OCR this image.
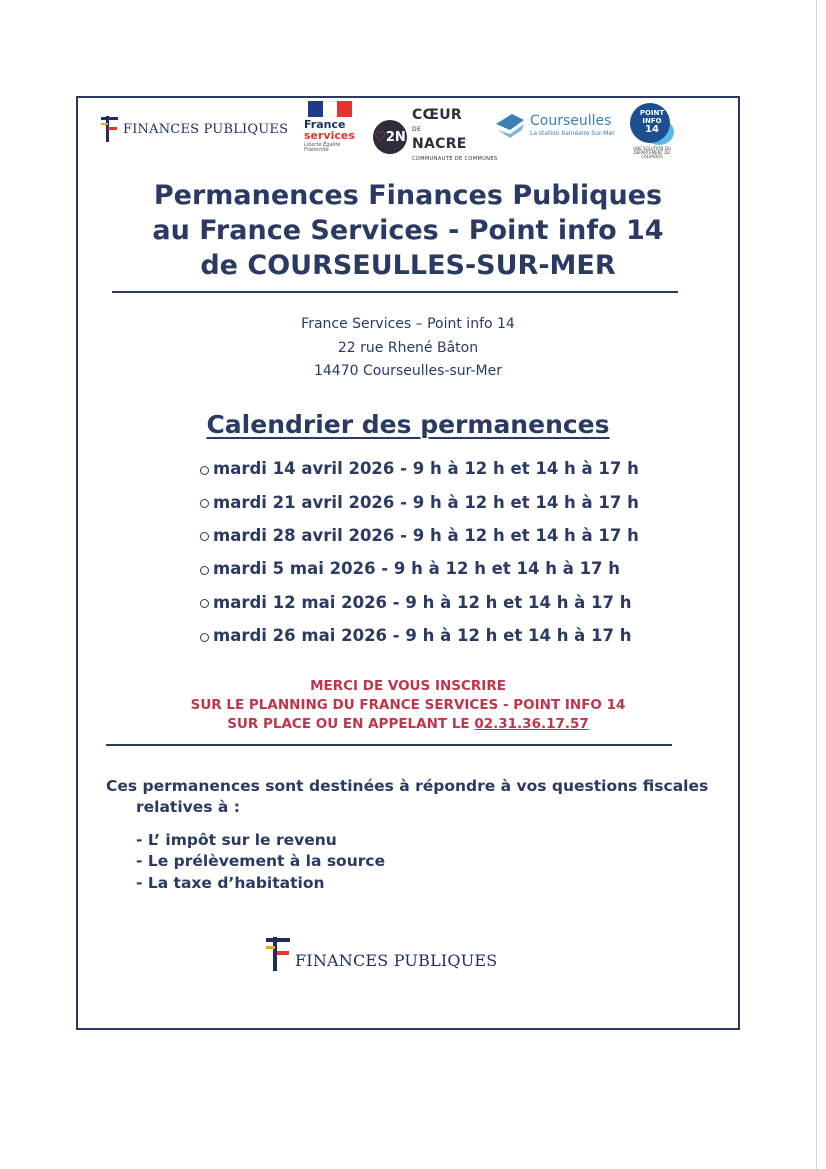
FINANCES PUBLIQUES France
services
Liberté Égalité Fraternité
♡ 2N
CŒUR
DE
NACRE
COMMUNAUTÉ DE COMMUNES
Courseulles
La station balnéaire Sur-Mer
POINT INFO
14
UNE SOLUTION DU DÉPARTEMENT DU CALVADOS
Permanences Finances Publiques
au France Services - Point info 14
de COURSEULLES-SUR-MER
France Services – Point info 14
22 rue Rhené Bâton
14470 Courseulles-sur-Mer
Calendrier des permanences
mardi 14 avril 2026 - 9 h à 12 h et 14 h à 17 h
mardi 21 avril 2026 - 9 h à 12 h et 14 h à 17 h
mardi 28 avril 2026 - 9 h à 12 h et 14 h à 17 h
mardi 5 mai 2026 - 9 h à 12 h et 14 h à 17 h
mardi 12 mai 2026 - 9 h à 12 h et 14 h à 17 h
mardi 26 mai 2026 - 9 h à 12 h et 14 h à 17 h
MERCI DE VOUS INSCRIRE
SUR LE PLANNING DU FRANCE SERVICES - POINT INFO 14
SUR PLACE OU EN APPELANT LE 02.31.36.17.57
Ces permanences sont destinées à répondre à vos questions fiscales
relatives à :
- L’ impôt sur le revenu
- Le prélèvement à la source
- La taxe d’habitation
FINANCES PUBLIQUES
